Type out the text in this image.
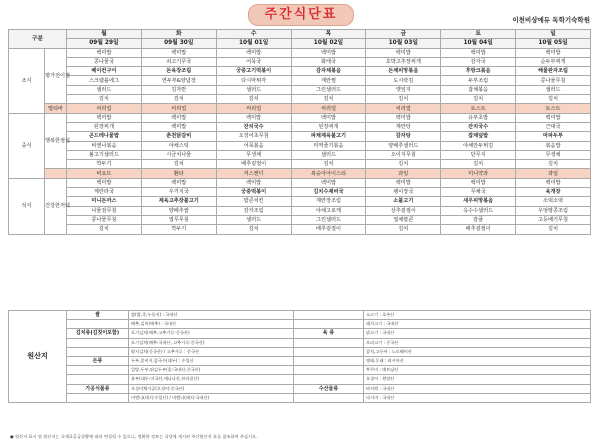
주간식단표	이천비상에듀 독학기숙학원
구분		월	화	수	목	금	토	일
		09월 29일	09월 30일	10월 01일	10월 02일	10월 03일	10월 04일	10월 05일
조식	평가전이점	백미밥	백미밥	백미밥	백미밥	백미밥	백미밥	백미밥
		콩나물국	쇠고기무국	어묵국	화태국	호박고추장찌개	감자국	순두부찌개
		베이컨구이	돈육장조림	궁중고기떡볶이	감자채볶음	돈채피망볶음	후랑크볶음	해물완자조림
		스크램블에그	연두부&양념장	다시마튀각	계란찜	도시락김	두부조림	콩나물무침
		샐러드	김자반	샐러드	그린샐러드	깻잎지	잡채볶음	샐러드
		김치	김치	김치	김치	김치	김치	김치
	멀티바	씨리얼	씨리얼	씨리얼	씨리얼	씨리얼	토스트	토스트
중식	행복한점심	백미밥	백미밥	백미밥	백미밥	백미밥	유부초밥	백미밥
		된장찌개	백미밥	잔치국수	된장찌개	계란탕	잔치국수	근대국
		곤드레나물밥	춘천닭갈비	오징어초무침	파채제육불고기	감자탕	잡채덮밥	마파두부
		비엔나볶음	야채스틱	어묵볶음	미역줄기볶음	양배추샐러드	야채만두튀김	볶음밥
		불고기샐러드	시금치나물	무생채	샐러드	오이지무침	단무지	무생채
		깍두기	김치	배추겉절이	김치	김치	김치	김치
		비요뜨	환타	저스캔디	복숭아아이스티	과일	미니약과	과일
석식	건강한저녁	백미밥	백미밥	백미밥	백미밥	백미밥	백미밥	백미밥
		계란라국	우거지국	궁중떡볶이	김치수제비국	팽이장국	무채국	육개장
		미니돈까스	제육고추장불고기	팝콘치킨	계란장조림	소불고기	새우피망볶음	소떡소떡
		나물검무침	양배추쌈	감자조림	야채고로케	상추겉절이	옥수수샐러드	우엉땅콩조림
		콩나물무침	열무무침	샐러드	그린샐러드	열채팝콘	감귤	고등배기무침
		김치	깍두기	김치	배추겉절이	김치	배추겉절이	김치
원산지	쌀	쌀(밥,죽,누룽지) : 국내산		소고기 : 호주산
		배추,김치(배추) : 국내산		돼지고기 : 국내산
	김치류(김칫이포함)	포기김치(배추,고추가루:중국산)	육 류	닭고기 : 국내산
		포기김치(배추:국내산, 고추가루:중국산)		오리고기 : 중국산
		양지김치(중국산) / 고추가루 : 중국산		꽁치,고등어 : 노르웨이산
	돈류	두부,콩비지,콩국수(대두) : 수입산		명태,동태 : 러시아산
		얼방,두부,튀김두부(콩:국내산,중국산)		쭈꾸미 : 베트남산
		유부(대두:미국산,캐나다산,브라질산)		오징어 : 원양산
	가공식품류	오징어채가공(오징어:중국산)	수산물류	바지락 : 국내산
		비엔나(돼지:수입산) / 비엔나(돼지:국내산)		다시마 : 국내산
● 원산지 표시 및 원산지는 식재료공급상황에 따라 변경될 수 있으니, 정확한 정보는 식당에 게시된 주간원산지 표를 참조하여 주십시오.
